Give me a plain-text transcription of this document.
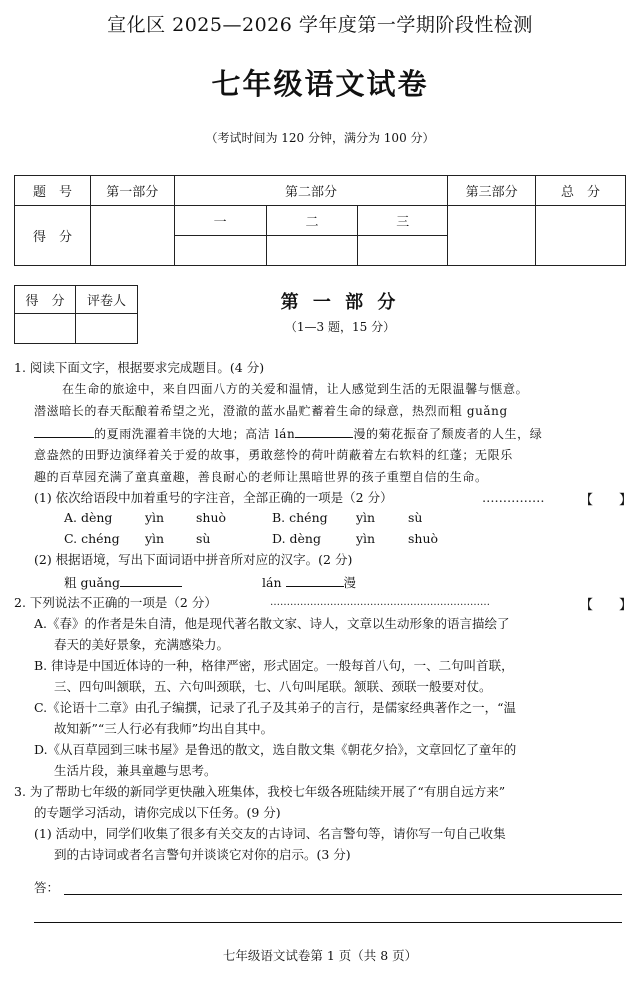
宣化区 2025—2026 学年度第一学期阶段性检测
七年级语文试卷
（考试时间为 120 分钟，满分为 100 分）
题　号	第一部分	第二部分			第三部分	总　分
得　分		一	二	三		

得　分	评卷人
		第 一 部 分
（1—3 题，15 分）
1. 阅读下面文字，根据要求完成题目。(4 分)
在生命的旅途中，来自四面八方的关爱和温情，让人感觉到生活的无限温馨与惬意。
潜滋暗长的春天酝酿着希望之光，澄澈的蓝水晶贮蓄着生命的绿意，热烈而粗 guǎng
的夏雨洗濯着丰饶的大地；高洁 lán	漫的菊花振奋了颓废者的人生，绿
意盎然的田野边演绎着关于爱的故事，勇敢慈怜的荷叶荫蔽着左右软料的红蓬；无限乐
趣的百草园充满了童真童趣，善良耐心的老师让黑暗世界的孩子重塑自信的生命。
(1) 依次给语段中加着重号的字注音，全部正确的一项是（2 分）	……………	【　　】
A. dèng	yìn	shuò	B. chéng yìn	sù
C. chéng yìn	sù	D. dèng	yìn	shuò
(2) 根据语境，写出下面词语中拼音所对应的汉字。(2 分)
粗 guǎng	lán	漫
2. 下列说法不正确的一项是（2 分）	…………………………………………………………	【　　】
A.《春》的作者是朱自清，他是现代著名散文家、诗人，文章以生动形象的语言描绘了
春天的美好景象，充满感染力。
B. 律诗是中国近体诗的一种，格律严密，形式固定。一般每首八句，一、二句叫首联，
三、四句叫颔联，五、六句叫颈联，七、八句叫尾联。颔联、颈联一般要对仗。
C.《论语十二章》由孔子编撰，记录了孔子及其弟子的言行，是儒家经典著作之一，“温
故知新”“三人行必有我师”均出自其中。
D.《从百草园到三味书屋》是鲁迅的散文，选自散文集《朝花夕拾》，文章回忆了童年的
生活片段，兼具童趣与思考。
3. 为了帮助七年级的新同学更快融入班集体，我校七年级各班陆续开展了“有朋自远方来”
的专题学习活动，请你完成以下任务。(9 分)
(1) 活动中，同学们收集了很多有关交友的古诗词、名言警句等，请你写一句自己收集
到的古诗词或者名言警句并谈谈它对你的启示。(3 分)
答：
七年级语文试卷第 1 页（共 8 页）
